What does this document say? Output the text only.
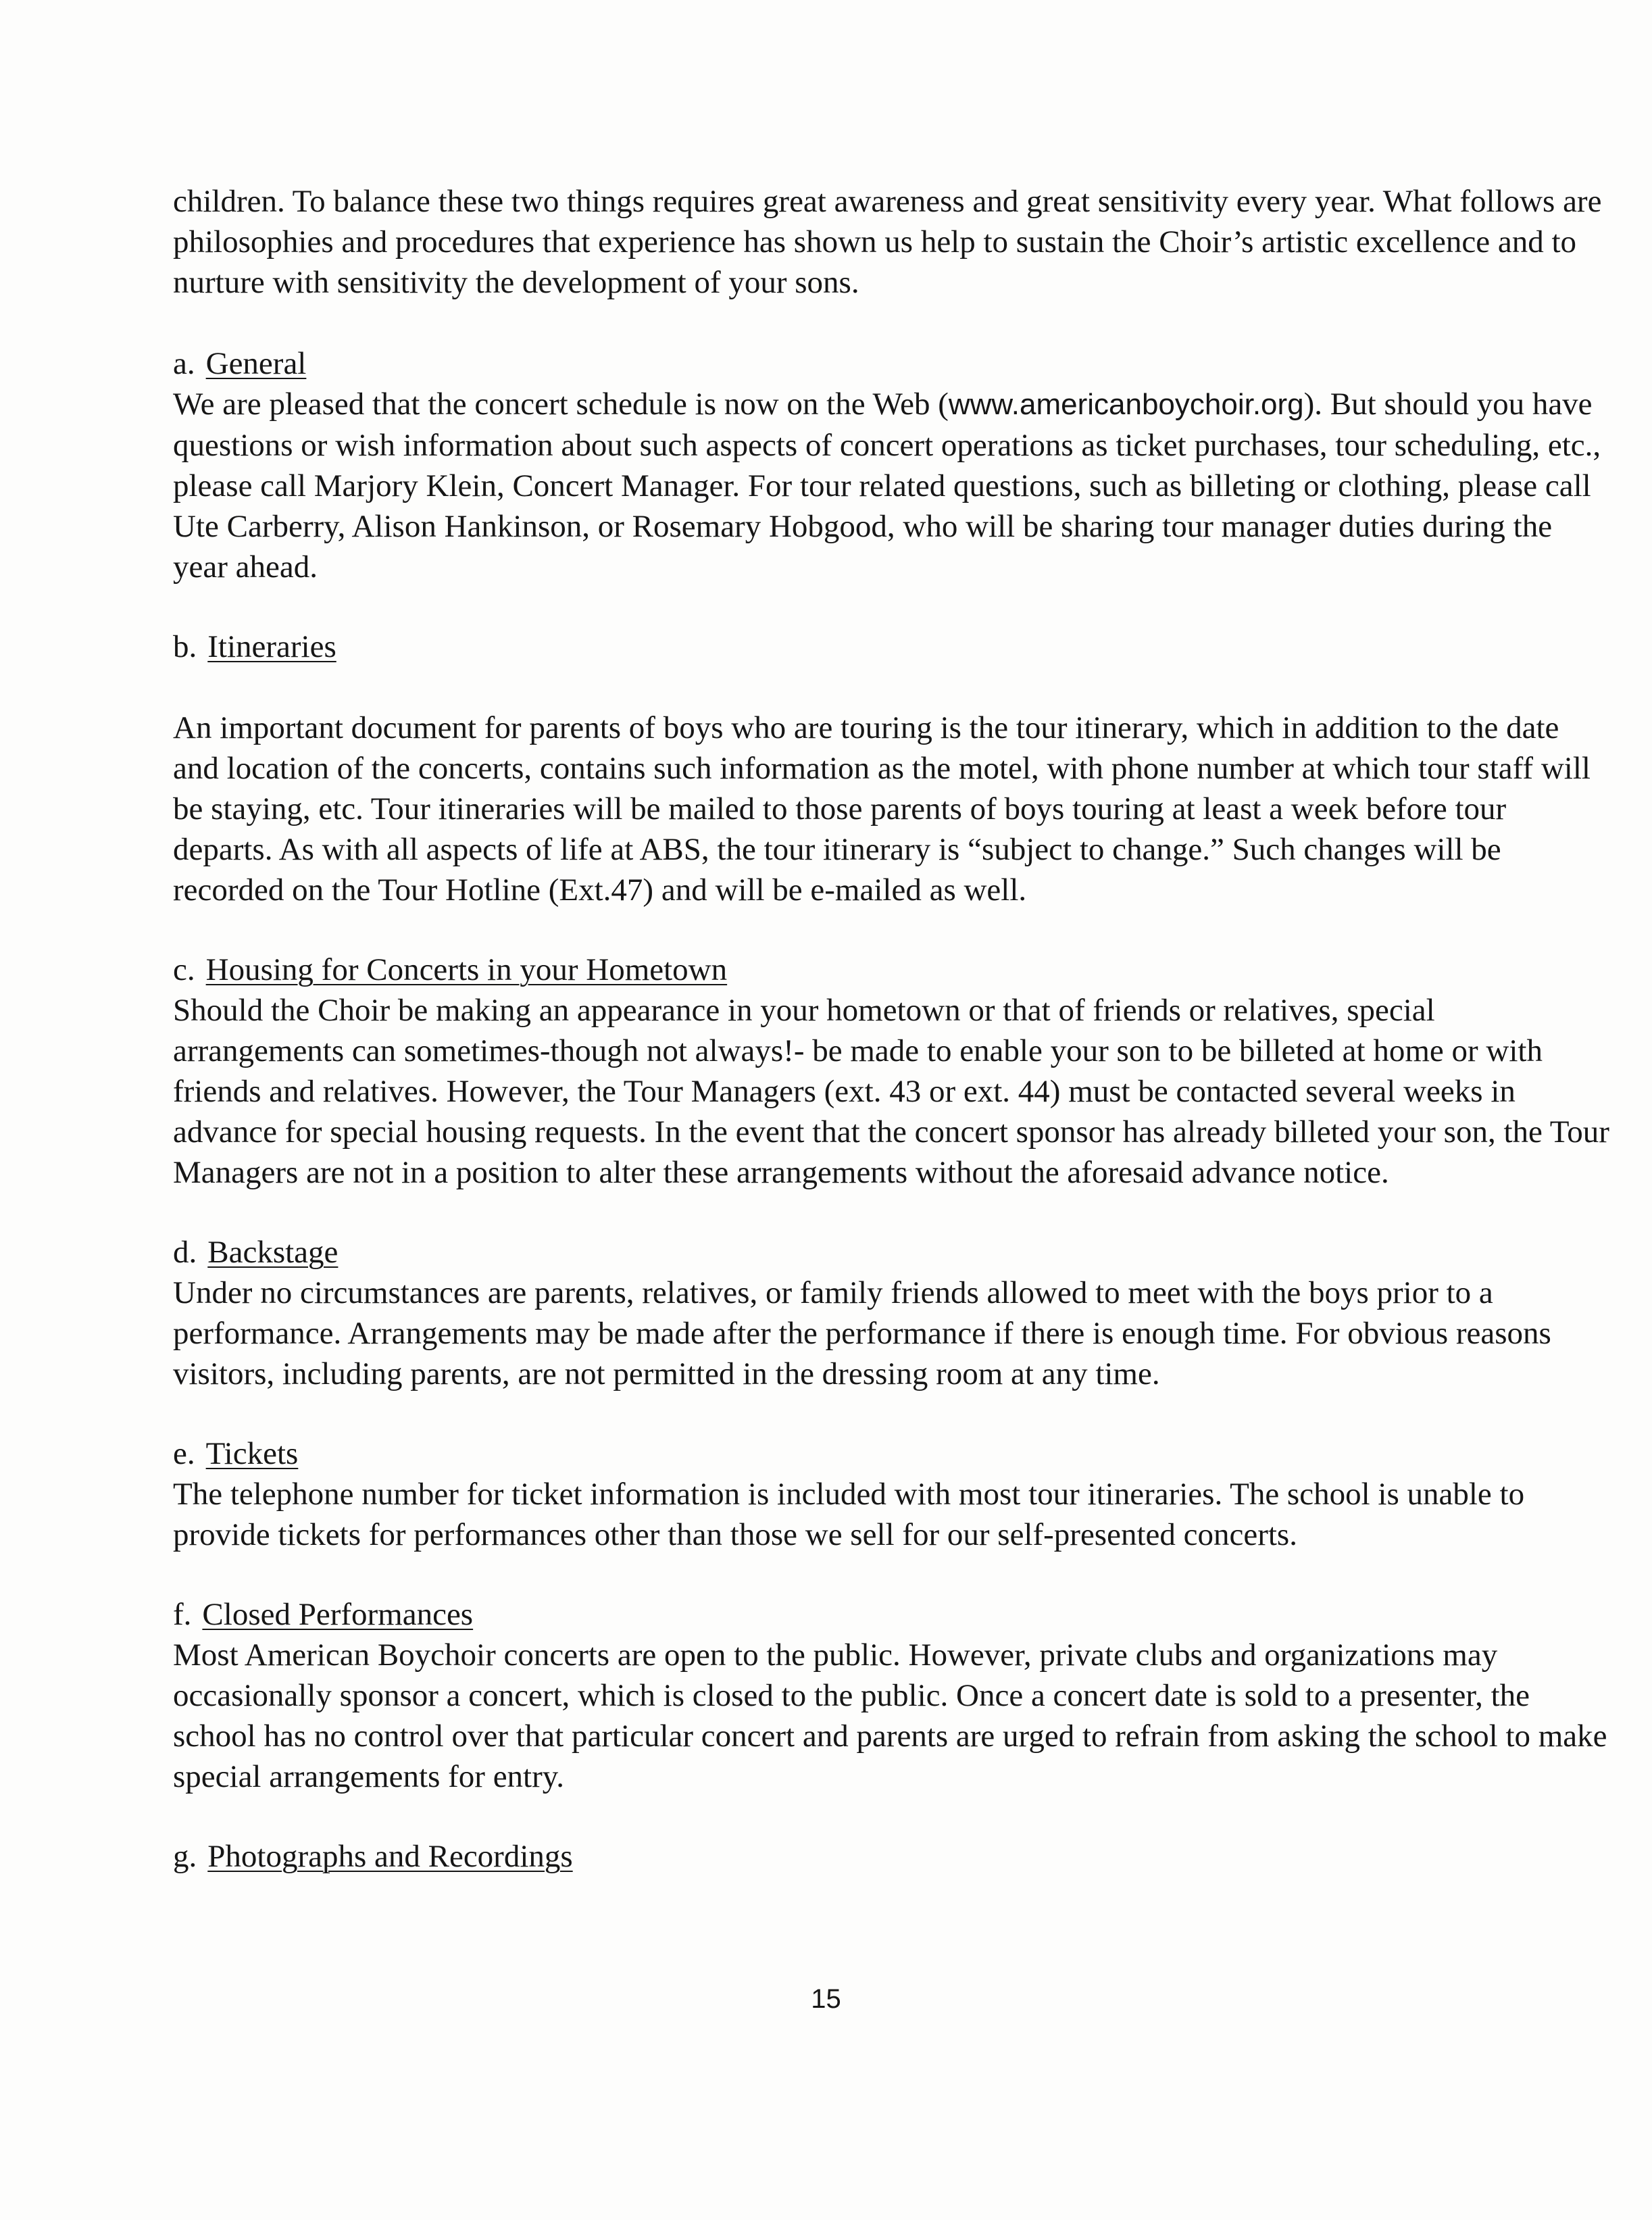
children. To balance these two things requires great awareness and great sensitivity every year. What follows are philosophies and procedures that experience has shown us help to sustain the Choir’s artistic excellence and to nurture with sensitivity the development of your sons.

a. General

We are pleased that the concert schedule is now on the Web (www.americanboychoir.org). But should you have questions or wish information about such aspects of concert operations as ticket purchases, tour scheduling, etc., please call Marjory Klein, Concert Manager. For tour related questions, such as billeting or clothing, please call Ute Carberry, Alison Hankinson, or Rosemary Hobgood, who will be sharing tour manager duties during the year ahead.

b. Itineraries

An important document for parents of boys who are touring is the tour itinerary, which in addition to the date and location of the concerts, contains such information as the motel, with phone number at which tour staff will be staying, etc. Tour itineraries will be mailed to those parents of boys touring at least a week before tour departs. As with all aspects of life at ABS, the tour itinerary is “subject to change.” Such changes will be recorded on the Tour Hotline (Ext.47) and will be e-mailed as well.

c. Housing for Concerts in your Hometown

Should the Choir be making an appearance in your hometown or that of friends or relatives, special arrangements can sometimes-though not always!- be made to enable your son to be billeted at home or with friends and relatives. However, the Tour Managers (ext. 43 or ext. 44) must be contacted several weeks in advance for special housing requests. In the event that the concert sponsor has already billeted your son, the Tour Managers are not in a position to alter these arrangements without the aforesaid advance notice.

d. Backstage

Under no circumstances are parents, relatives, or family friends allowed to meet with the boys prior to a performance. Arrangements may be made after the performance if there is enough time. For obvious reasons visitors, including parents, are not permitted in the dressing room at any time.

e. Tickets

The telephone number for ticket information is included with most tour itineraries. The school is unable to provide tickets for performances other than those we sell for our self-presented concerts.

f. Closed Performances

Most American Boychoir concerts are open to the public. However, private clubs and organizations may occasionally sponsor a concert, which is closed to the public. Once a concert date is sold to a presenter, the school has no control over that particular concert and parents are urged to refrain from asking the school to make special arrangements for entry.

g. Photographs and Recordings

15
